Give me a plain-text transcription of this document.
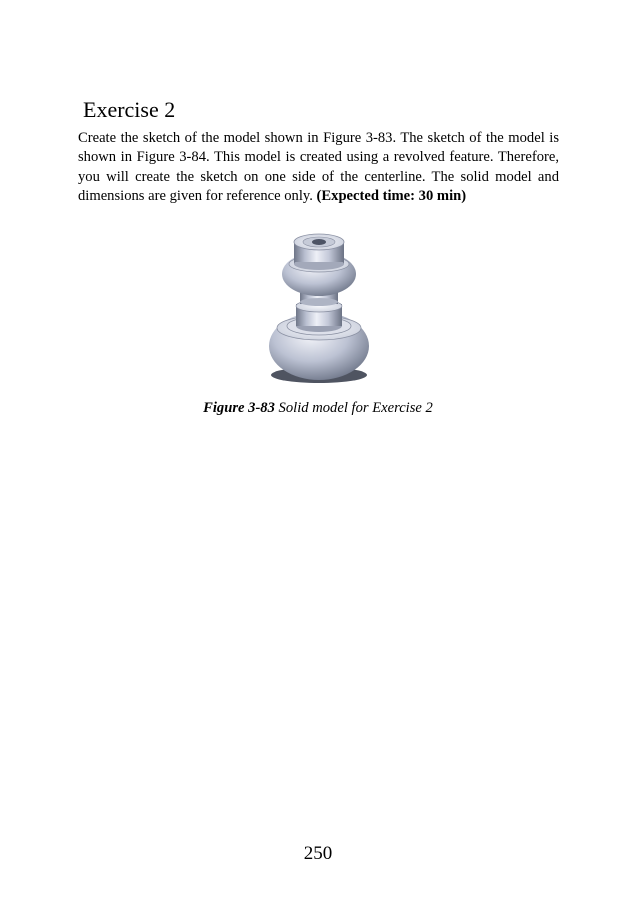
Exercise 2

Create the sketch of the model shown in Figure 3-83. The sketch of the model is shown in Figure 3-84. This model is created using a revolved feature. Therefore, you will create the sketch on one side of the centerline. The solid model and dimensions are given for reference only. (Expected time: 30 min)

Figure 3-83 Solid model for Exercise 2

250
